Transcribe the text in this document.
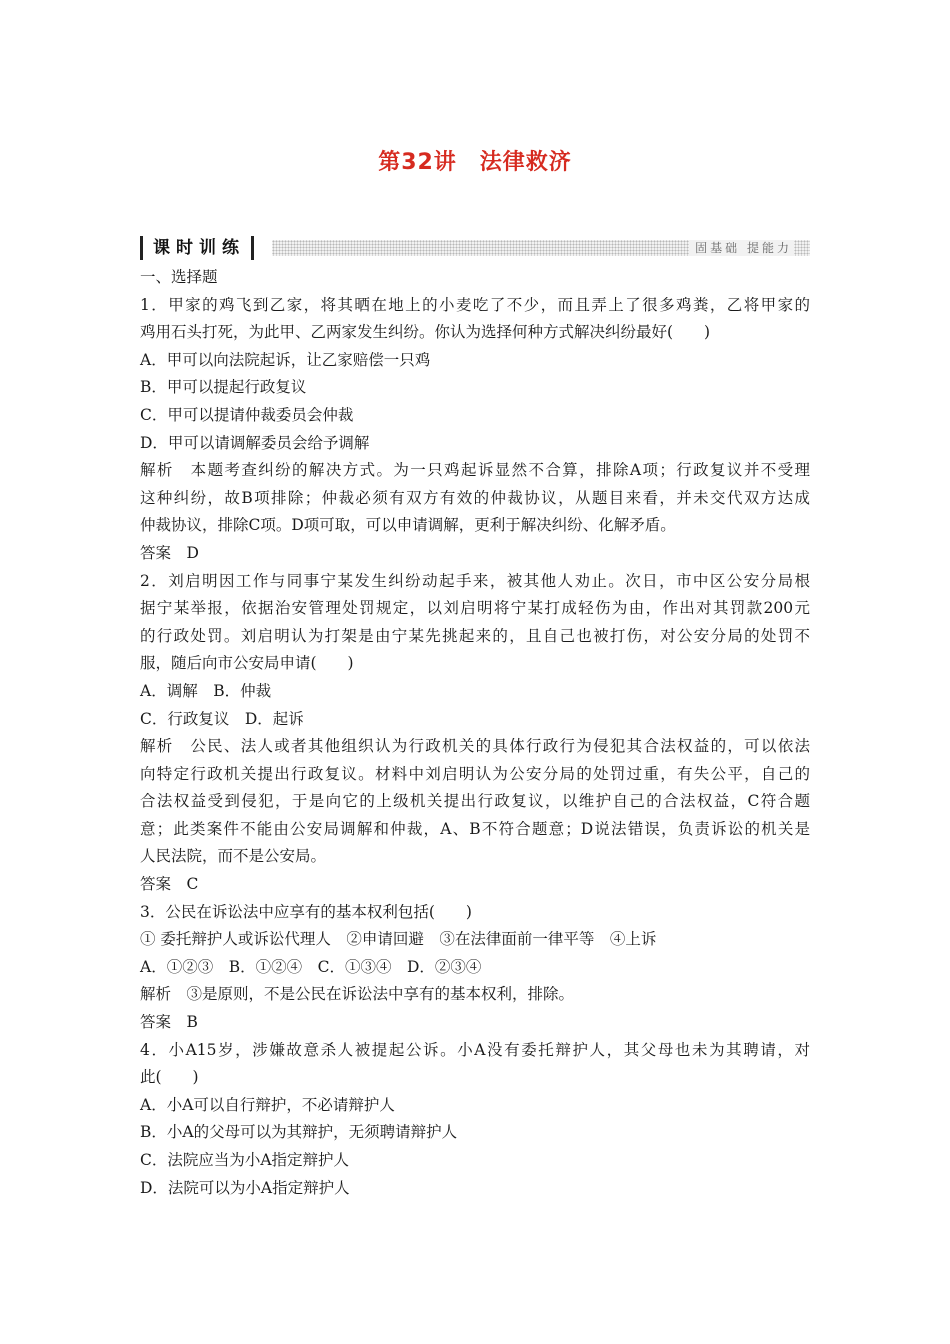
第32讲　法律救济
课时训练	固基础 提能力
一、选择题
1．甲家的鸡飞到乙家，将其晒在地上的小麦吃了不少，而且弄上了很多鸡粪，乙将甲家的
鸡用石头打死，为此甲、乙两家发生纠纷。你认为选择何种方式解决纠纷最好(　　)
A．甲可以向法院起诉，让乙家赔偿一只鸡
B．甲可以提起行政复议
C．甲可以提请仲裁委员会仲裁
D．甲可以请调解委员会给予调解
解析　本题考查纠纷的解决方式。为一只鸡起诉显然不合算，排除A项；行政复议并不受理
这种纠纷，故B项排除；仲裁必须有双方有效的仲裁协议，从题目来看，并未交代双方达成
仲裁协议，排除C项。D项可取，可以申请调解，更利于解决纠纷、化解矛盾。
答案　D
2．刘启明因工作与同事宁某发生纠纷动起手来，被其他人劝止。次日，市中区公安分局根
据宁某举报，依据治安管理处罚规定，以刘启明将宁某打成轻伤为由，作出对其罚款200元
的行政处罚。刘启明认为打架是由宁某先挑起来的，且自己也被打伤，对公安分局的处罚不
服，随后向市公安局申请(　　)
A．调解　B．仲裁
C．行政复议　D．起诉
解析　公民、法人或者其他组织认为行政机关的具体行政行为侵犯其合法权益的，可以依法
向特定行政机关提出行政复议。材料中刘启明认为公安分局的处罚过重，有失公平，自己的
合法权益受到侵犯，于是向它的上级机关提出行政复议，以维护自己的合法权益，C符合题
意；此类案件不能由公安局调解和仲裁，A、B不符合题意；D说法错误，负责诉讼的机关是
人民法院，而不是公安局。
答案　C
3．公民在诉讼法中应享有的基本权利包括(　　)
① 委托辩护人或诉讼代理人　②申请回避　③在法律面前一律平等　④上诉
A．①②③　B．①②④　C．①③④　D．②③④
解析　③是原则，不是公民在诉讼法中享有的基本权利，排除。
答案　B
4．小A15岁，涉嫌故意杀人被提起公诉。小A没有委托辩护人，其父母也未为其聘请，对
此(　　)
A．小A可以自行辩护，不必请辩护人
B．小A的父母可以为其辩护，无须聘请辩护人
C．法院应当为小A指定辩护人
D．法院可以为小A指定辩护人
